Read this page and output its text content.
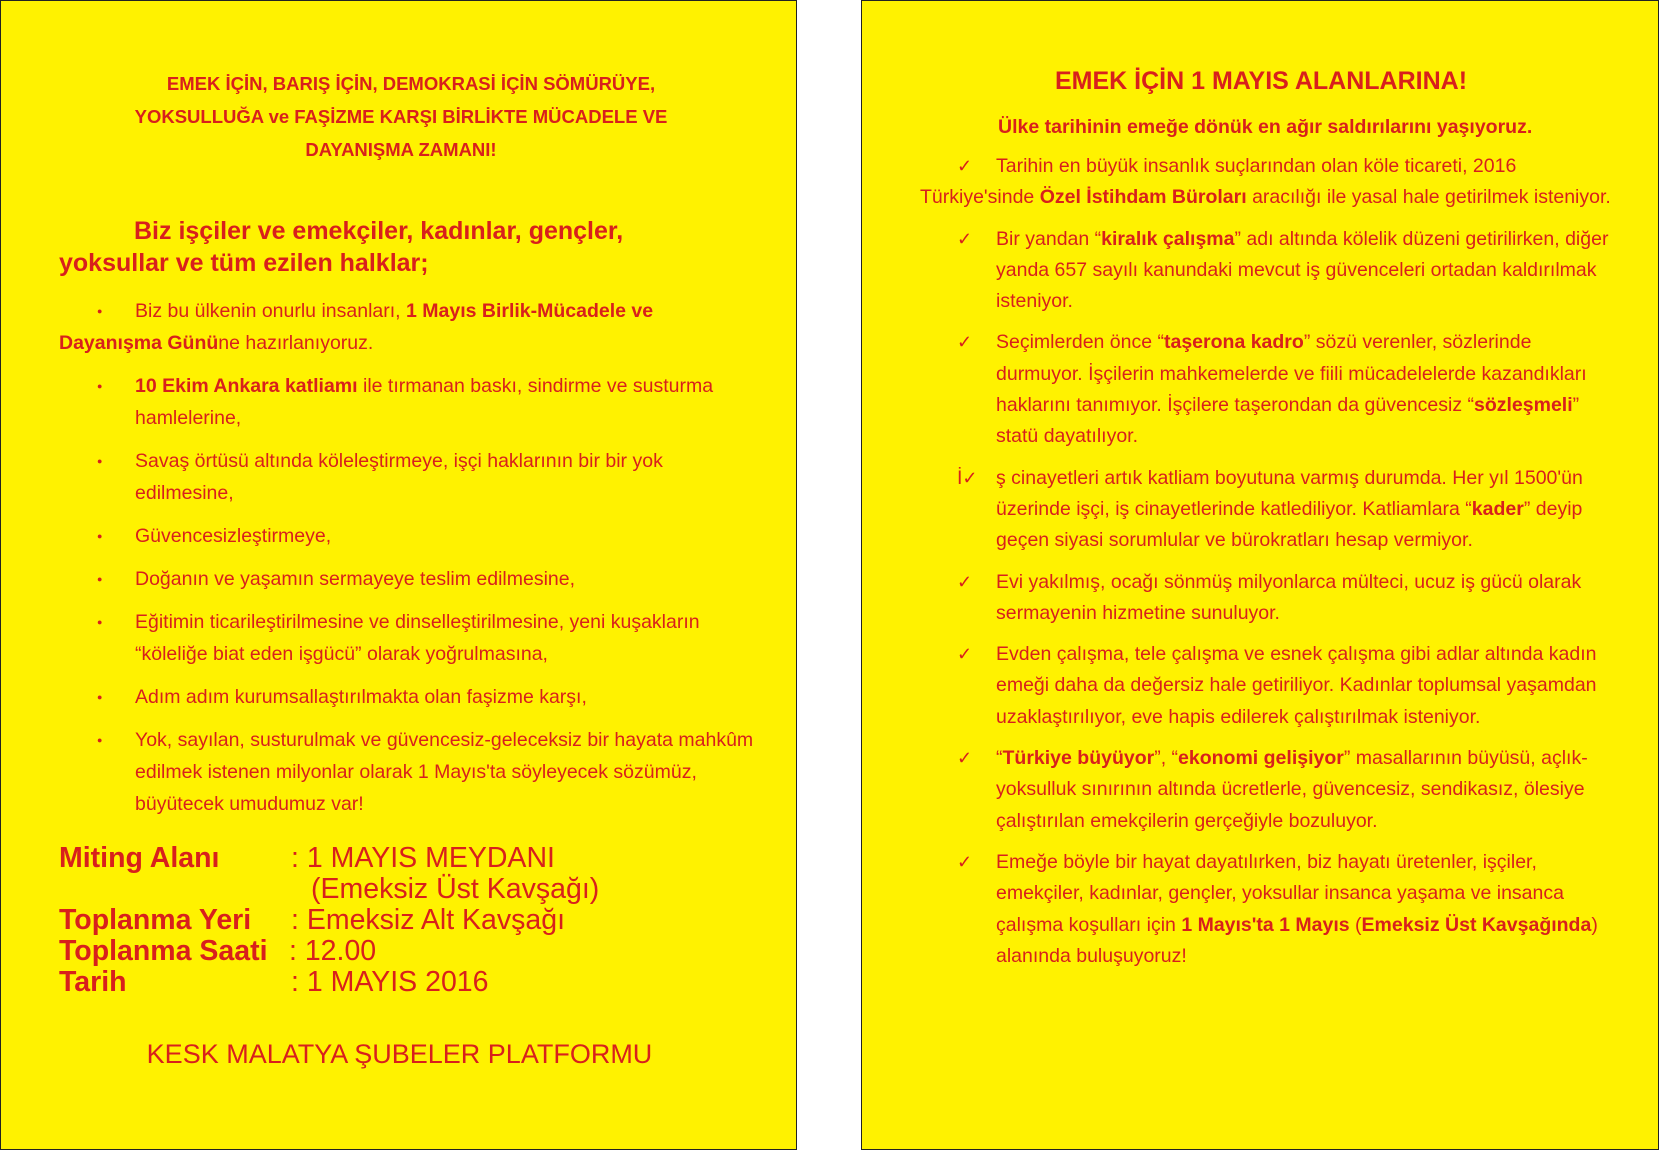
EMEK İÇİN, BARIŞ İÇİN, DEMOKRASİ İÇİN SÖMÜRÜYE,
YOKSULLUĞA ve FAŞİZME KARŞI BİRLİKTE MÜCADELE VE
DAYANIŞMA ZAMANI!
Biz işçiler ve emekçiler, kadınlar, gençler,
yoksullar ve tüm ezilen halklar;
● Biz bu ülkenin onurlu insanları, 1 Mayıs Birlik-Mücadele ve Dayanışma Gününe hazırlanıyoruz.
● 10 Ekim Ankara katliamı ile tırmanan baskı, sindirme ve susturma hamlelerine,
● Savaş örtüsü altında köleleştirmeye, işçi haklarının bir bir yok edilmesine,
● Güvencesizleştirmeye,
● Doğanın ve yaşamın sermayeye teslim edilmesine,
● Eğitimin ticarileştirilmesine ve dinselleştirilmesine, yeni kuşakların “köleliğe biat eden işgücü” olarak yoğrulmasına,
● Adım adım kurumsallaştırılmakta olan faşizme karşı,
● Yok, sayılan, susturulmak ve güvencesiz-geleceksiz bir hayata mahkûm edilmek istenen milyonlar olarak 1 Mayıs'ta söyleyecek sözümüz, büyütecek umudumuz var!
Miting Alanı	: 1 MAYIS MEYDANI
(Emeksiz Üst Kavşağı)
Toplanma Yeri : Emeksiz Alt Kavşağı
Toplanma Saati : 12.00
Tarih	: 1 MAYIS 2016
KESK MALATYA ŞUBELER PLATFORMU
EMEK İÇİN 1 MAYIS ALANLARINA!
Ülke tarihinin emeğe dönük en ağır saldırılarını yaşıyoruz.
✓ Tarihin en büyük insanlık suçlarından olan köle ticareti, 2016 Türkiye'sinde Özel İstihdam Büroları aracılığı ile yasal hale getirilmek isteniyor.
✓ Bir yandan “kiralık çalışma” adı altında kölelik düzeni getirilirken, diğer yanda 657 sayılı kanundaki mevcut iş güvenceleri ortadan kaldırılmak isteniyor.
✓ Seçimlerden önce “taşerona kadro” sözü verenler, sözlerinde durmuyor. İşçilerin mahkemelerde ve fiili mücadelelerde kazandıkları haklarını tanımıyor. İşçilere taşerondan da güvencesiz “sözleşmeli” statü dayatılıyor.
İ✓ ş cinayetleri artık katliam boyutuna varmış durumda. Her yıl 1500'ün üzerinde işçi, iş cinayetlerinde katlediliyor. Katliamlara “kader” deyip geçen siyasi sorumlular ve bürokratları hesap vermiyor.
✓ Evi yakılmış, ocağı sönmüş milyonlarca mülteci, ucuz iş gücü olarak sermayenin hizmetine sunuluyor.
✓ Evden çalışma, tele çalışma ve esnek çalışma gibi adlar altında kadın emeği daha da değersiz hale getiriliyor. Kadınlar toplumsal yaşamdan uzaklaştırılıyor, eve hapis edilerek çalıştırılmak isteniyor.
✓ “Türkiye büyüyor”, “ekonomi gelişiyor” masallarının büyüsü, açlık-yoksulluk sınırının altında ücretlerle, güvencesiz, sendikasız, ölesiye çalıştırılan emekçilerin gerçeğiyle bozuluyor.
✓ Emeğe böyle bir hayat dayatılırken, biz hayatı üretenler, işçiler, emekçiler, kadınlar, gençler, yoksullar insanca yaşama ve insanca çalışma koşulları için 1 Mayıs'ta 1 Mayıs (Emeksiz Üst Kavşağında) alanında buluşuyoruz!
